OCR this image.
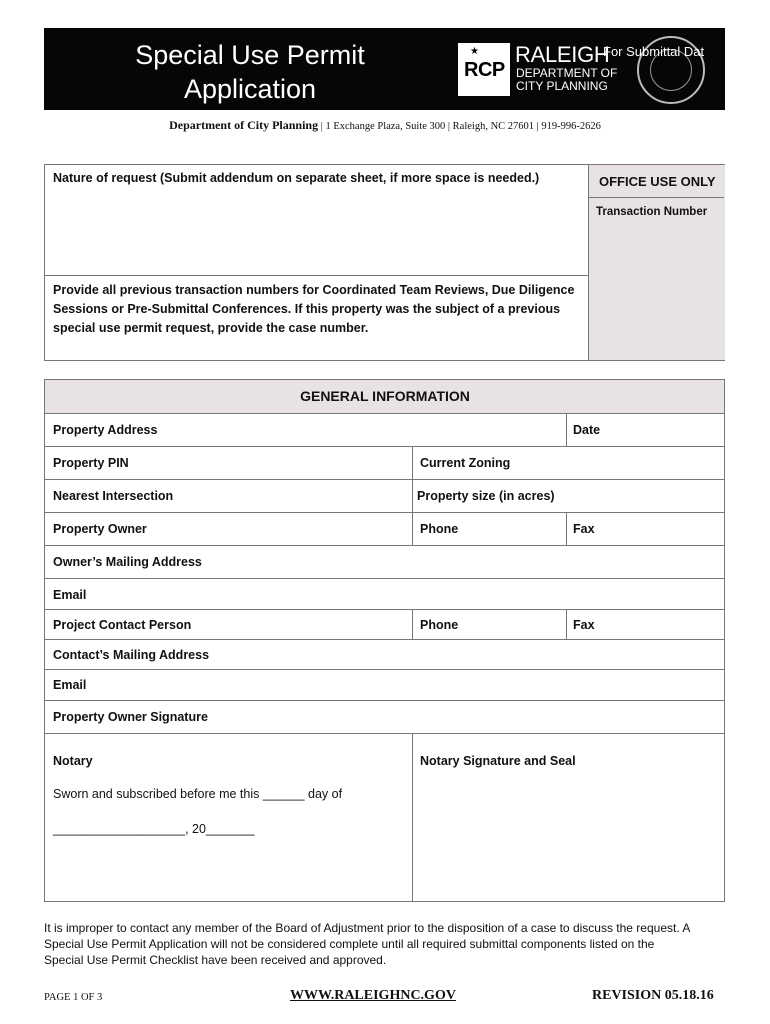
Special Use Permit
Application
★
RCP
RALEIGH
DEPARTMENT OF
CITY PLANNING
For Submittal Dat
Department of City Planning | 1 Exchange Plaza, Suite 300 | Raleigh, NC 27601 | 919-996-2626
Nature of request (Submit addendum on separate sheet, if more space is needed.)	OFFICE USE ONLY
Transaction Number
Provide all previous transaction numbers for Coordinated Team Reviews, Due Diligence
Sessions or Pre-Submittal Conferences. If this property was the subject of a previous
special use permit request, provide the case number.
GENERAL INFORMATION
Property Address	Date
Property PIN	Current Zoning
Nearest Intersection	Property size (in acres)
Property Owner	Phone	Fax
Owner’s Mailing Address
Email
Project Contact Person	Phone	Fax
Contact’s Mailing Address
Email
Property Owner Signature
Notary	Notary Signature and Seal
Sworn and subscribed before me this ______ day of
___________________, 20_______
It is improper to contact any member of the Board of Adjustment prior to the disposition of a case to discuss the request. A
Special Use Permit Application will not be considered complete until all required submittal components listed on the
Special Use Permit Checklist have been received and approved.
PAGE 1 OF 3	WWW.RALEIGHNC.GOV	REVISION 05.18.16
